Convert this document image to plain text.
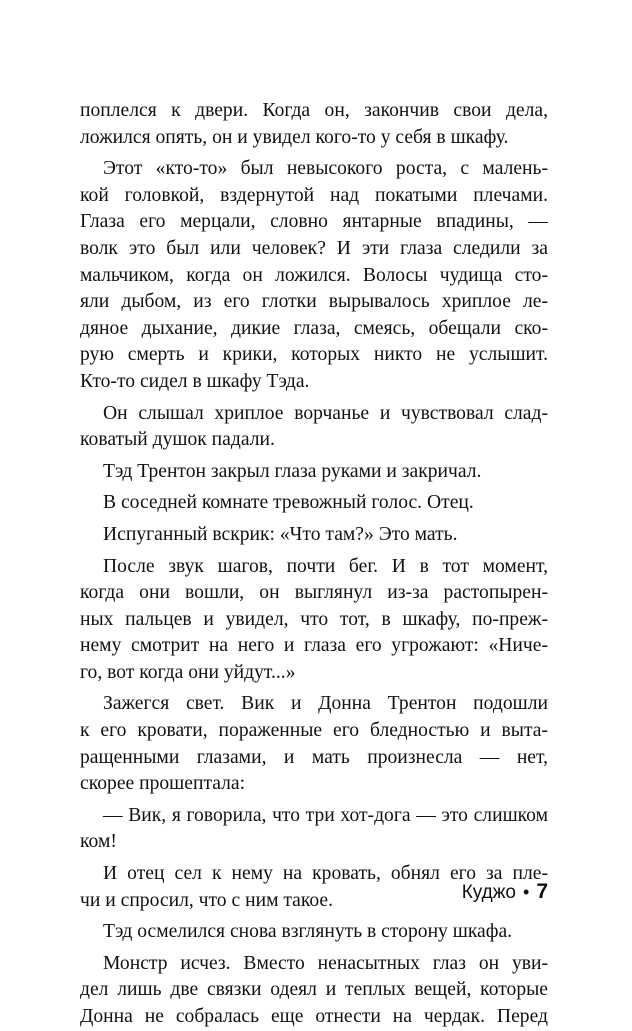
поплелся к двери. Когда он, закончив свои дела,
ложился опять, он и увидел кого-то у себя в шкафу.
Этот «кто-то» был невысокого роста, с малень-
кой головкой, вздернутой над покатыми плечами.
Глаза его мерцали, словно янтарные впадины, —
волк это был или человек? И эти глаза следили за
мальчиком, когда он ложился. Волосы чудища сто-
яли дыбом, из его глотки вырывалось хриплое ле-
дяное дыхание, дикие глаза, смеясь, обещали ско-
рую смерть и крики, которых никто не услышит.
Кто-то сидел в шкафу Тэда.
Он слышал хриплое ворчанье и чувствовал слад-
коватый душок падали.
Тэд Трентон закрыл глаза руками и закричал.
В соседней комнате тревожный голос. Отец.
Испуганный вскрик: «Что там?» Это мать.
После звук шагов, почти бег. И в тот момент,
когда они вошли, он выглянул из-за растопырен-
ных пальцев и увидел, что тот, в шкафу, по-преж-
нему смотрит на него и глаза его угрожают: «Ниче-
го, вот когда они уйдут...»
Зажегся свет. Вик и Донна Трентон подошли
к его кровати, пораженные его бледностью и выта-
ращенными глазами, и мать произнесла — нет,
скорее прошептала:
— Вик, я говорила, что три хот-дога — это слишком
ком!
И отец сел к нему на кровать, обнял его за пле-
чи и спросил, что с ним такое.
Тэд осмелился снова взглянуть в сторону шкафа.
Монстр исчез. Вместо ненасытных глаз он уви-
дел лишь две связки одеял и теплых вещей, которые
Донна не собралась еще отнести на чердак. Перед
Куджо • 7
